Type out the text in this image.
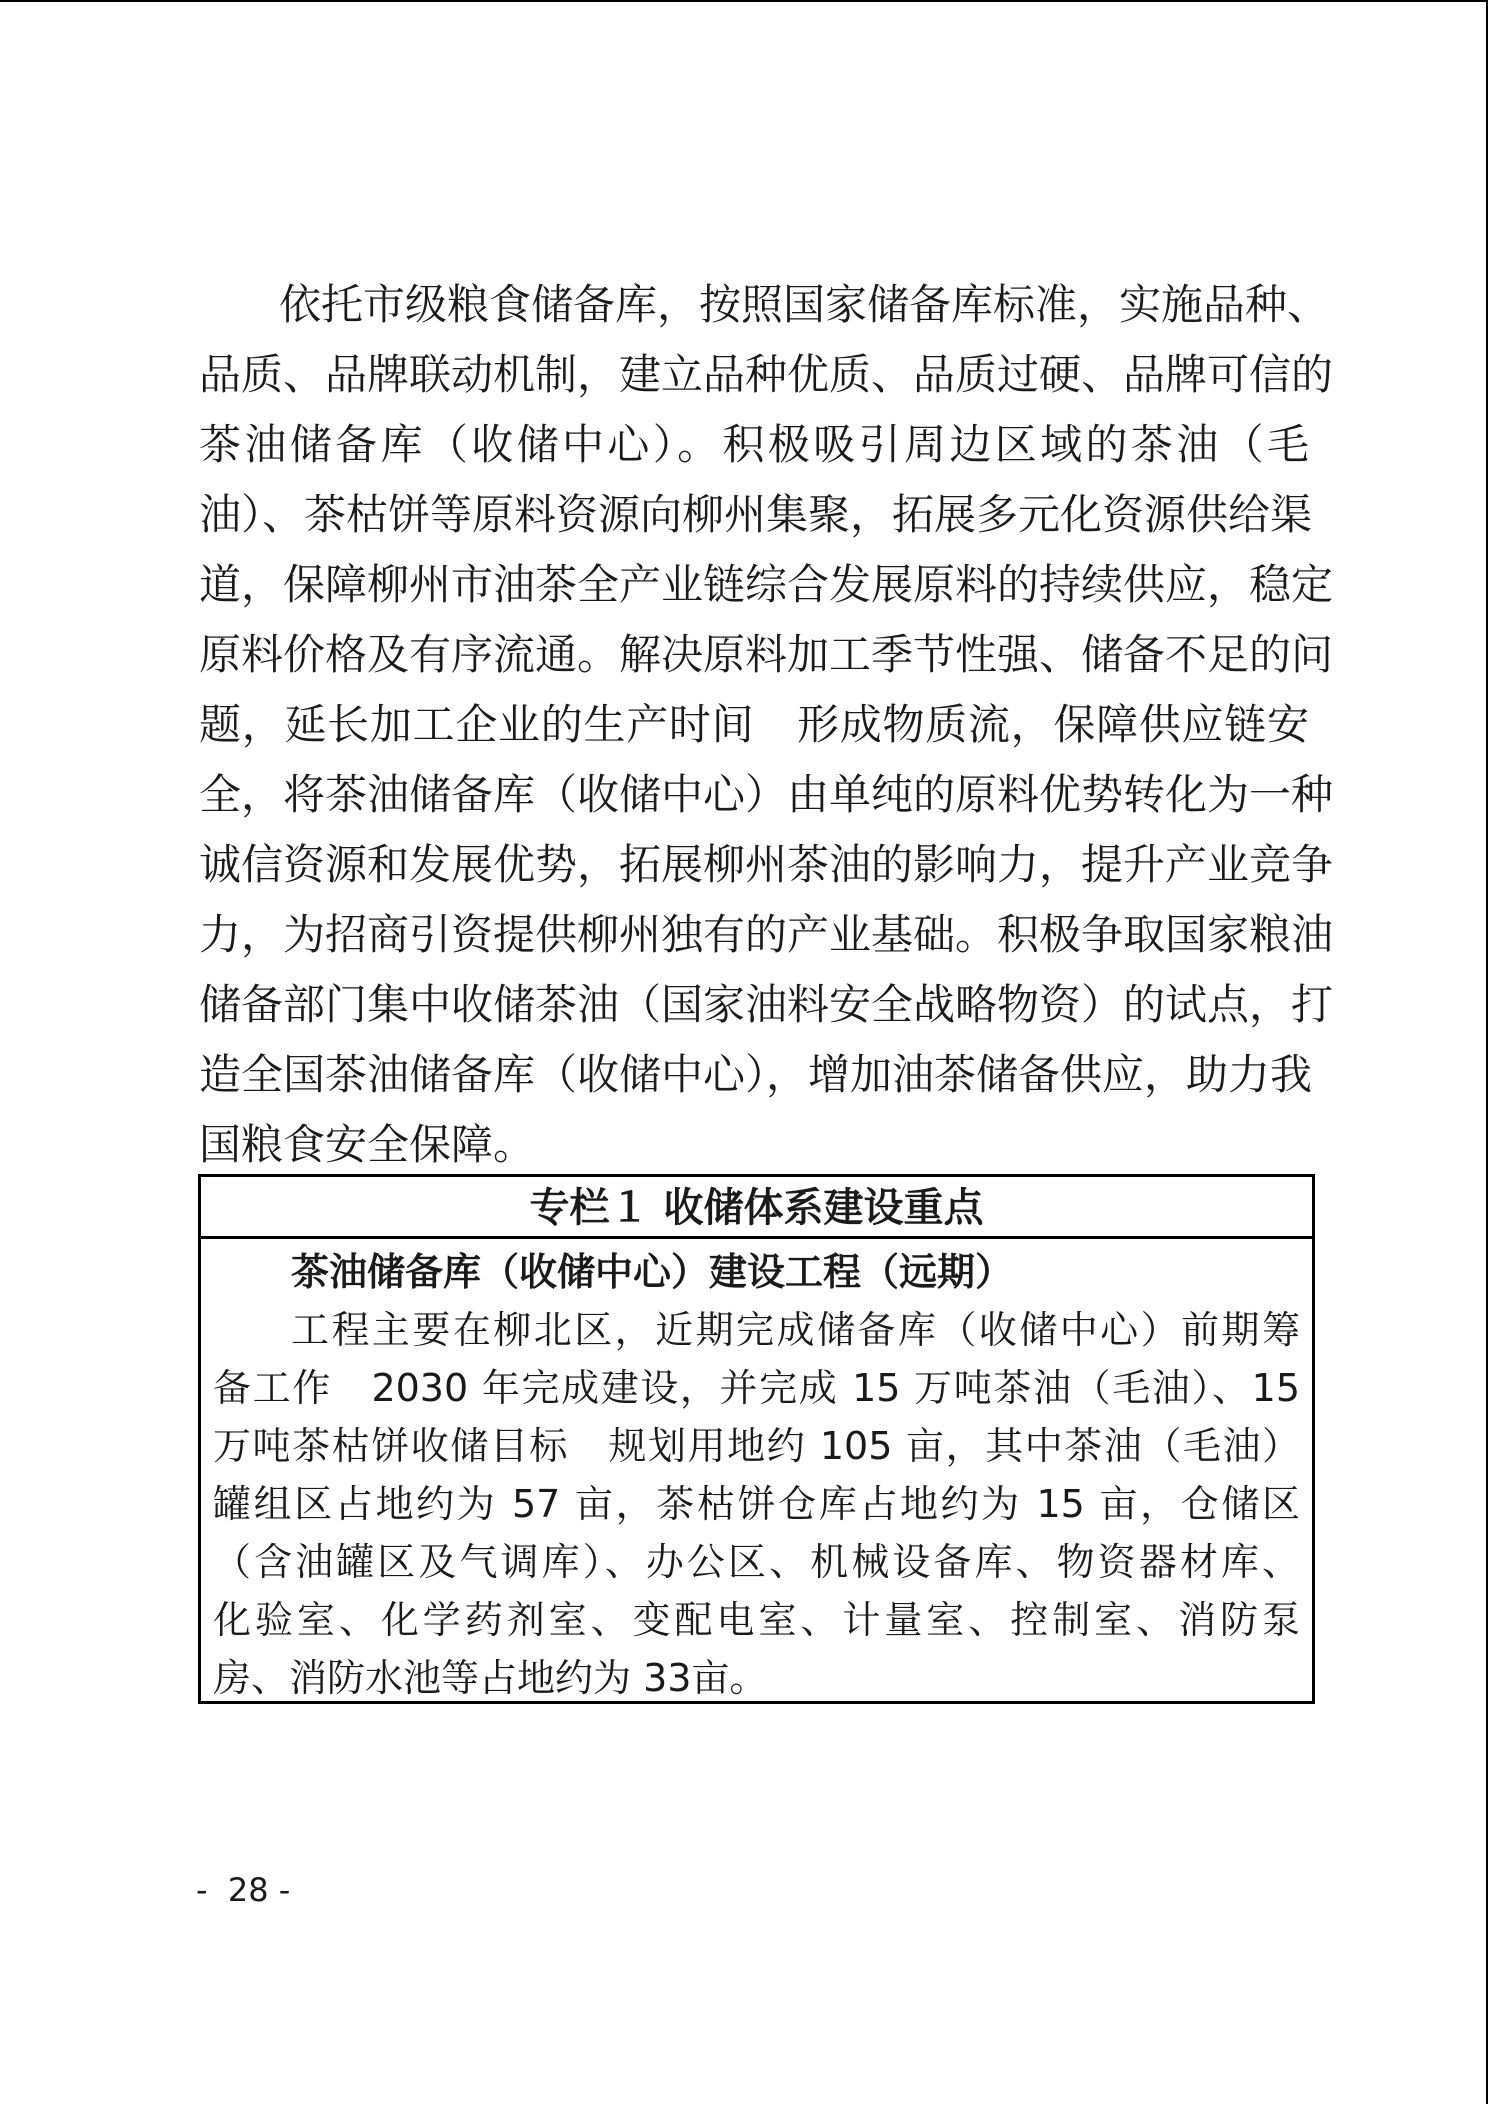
依托市级粮食储备库，按照国家储备库标准，实施品种、
品质、品牌联动机制，建立品种优质、品质过硬、品牌可信的
茶油储备库（收储中心）。积极吸引周边区域的茶油（毛
油）、茶枯饼等原料资源向柳州集聚，拓展多元化资源供给渠
道，保障柳州市油茶全产业链综合发展原料的持续供应，稳定
原料价格及有序流通。解决原料加工季节性强、储备不足的问
题，延长加工企业的生产时间　形成物质流，保障供应链安
全，将茶油储备库（收储中心）由单纯的原料优势转化为一种
诚信资源和发展优势，拓展柳州茶油的影响力，提升产业竞争
力，为招商引资提供柳州独有的产业基础。积极争取国家粮油
储备部门集中收储茶油（国家油料安全战略物资）的试点，打
造全国茶油储备库（收储中心），增加油茶储备供应，助力我
国粮食安全保障。
专栏１ 收储体系建设重点
茶油储备库（收储中心）建设工程（远期）
工程主要在柳北区，近期完成储备库（收储中心）前期筹
备工作　2030 年完成建设，并完成 15 万吨茶油（毛油）、15
万吨茶枯饼收储目标　规划用地约 105 亩，其中茶油（毛油）
罐组区占地约为 57 亩，茶枯饼仓库占地约为 15 亩，仓储区
（含油罐区及气调库）、办公区、机械设备库、物资器材库、
化验室、化学药剂室、变配电室、计量室、控制室、消防泵
房、消防水池等占地约为 33亩。
-  28 -
